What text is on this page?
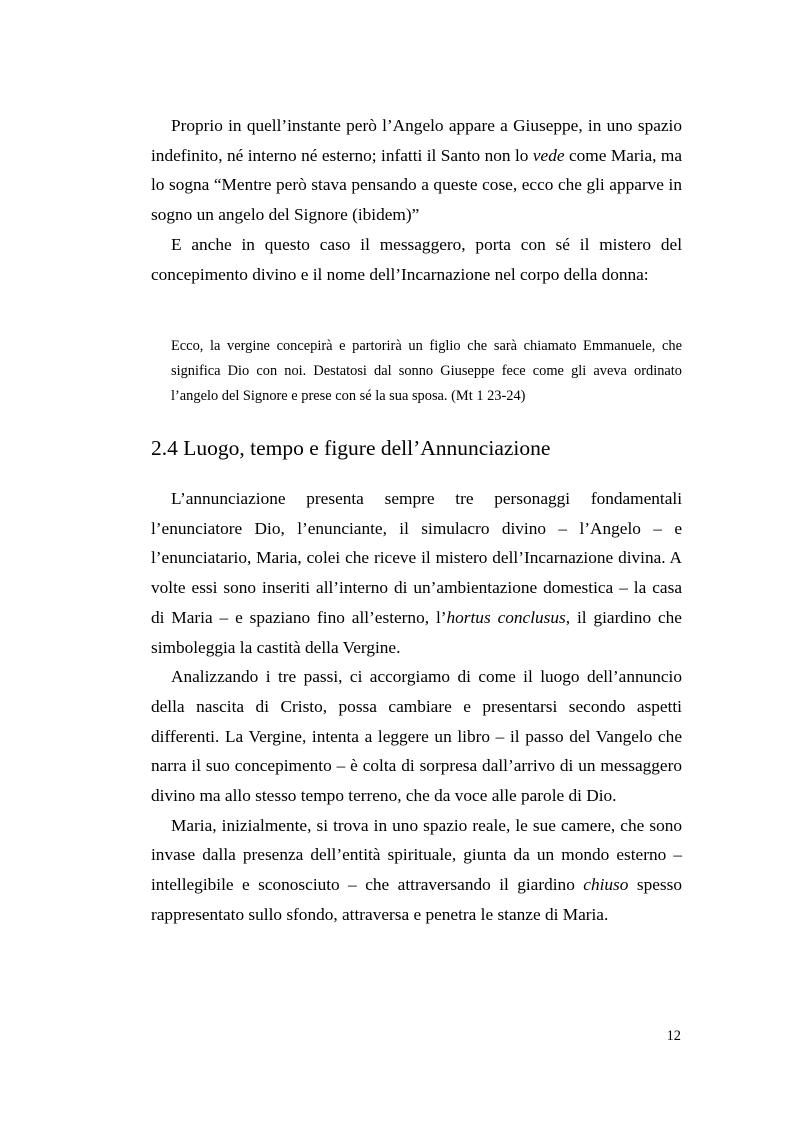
Proprio in quell’instante però l’Angelo appare a Giuseppe, in uno spazio indefinito, né interno né esterno; infatti il Santo non lo vede come Maria, ma lo sogna “Mentre però stava pensando a queste cose, ecco che gli apparve in sogno un angelo del Signore (ibidem)”

E anche in questo caso il messaggero, porta con sé il mistero del concepimento divino e il nome dell’Incarnazione nel corpo della donna:

Ecco, la vergine concepirà e partorirà un figlio che sarà chiamato Emmanuele, che significa Dio con noi. Destatosi dal sonno Giuseppe fece come gli aveva ordinato l’angelo del Signore e prese con sé la sua sposa. (Mt 1 23-24)

2.4 Luogo, tempo e figure dell’Annunciazione

L’annunciazione presenta sempre tre personaggi fondamentali l’enunciatore Dio, l’enunciante, il simulacro divino – l’Angelo – e l’enunciatario, Maria, colei che riceve il mistero dell’Incarnazione divina. A volte essi sono inseriti all’interno di un’ambientazione domestica – la casa di Maria – e spaziano fino all’esterno, l’hortus conclusus, il giardino che simboleggia la castità della Vergine.

Analizzando i tre passi, ci accorgiamo di come il luogo dell’annuncio della nascita di Cristo, possa cambiare e presentarsi secondo aspetti differenti. La Vergine, intenta a leggere un libro – il passo del Vangelo che narra il suo concepimento – è colta di sorpresa dall’arrivo di un messaggero divino ma allo stesso tempo terreno, che da voce alle parole di Dio.

Maria, inizialmente, si trova in uno spazio reale, le sue camere, che sono invase dalla presenza dell’entità spirituale, giunta da un mondo esterno – intellegibile e sconosciuto – che attraversando il giardino chiuso spesso rappresentato sullo sfondo, attraversa e penetra le stanze di Maria.

12
